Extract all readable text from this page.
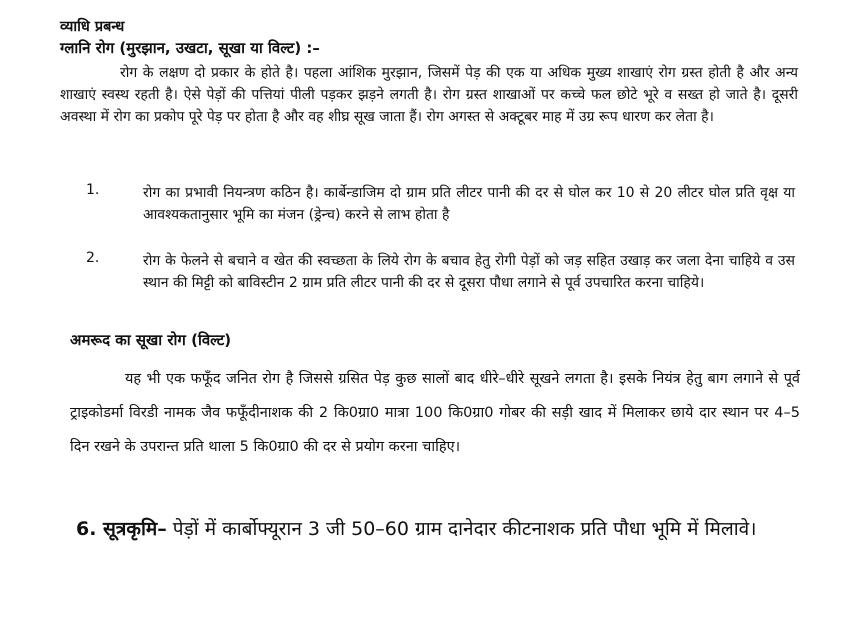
व्याधि प्रबन्ध
ग्लानि रोग (मुरझान, उखटा, सूखा या विल्ट) :–

रोग के लक्षण दो प्रकार के होते है। पहला आंशिक मुरझान, जिसमें पेड़ की एक या अधिक मुख्य शाखाएं रोग ग्रस्त होती है और अन्य शाखाएं स्वस्थ रहती है। ऐसे पेड़ों की पत्तियां पीली पड़कर झड़ने लगती है। रोग ग्रस्त शाखाओं पर कच्चे फल छोटे भूरे व सख्त हो जाते है। दूसरी अवस्था में रोग का प्रकोप पूरे पेड़ पर होता है और वह शीघ्र सूख जाता हैं। रोग अगस्त से अक्टूबर माह में उग्र रूप धारण कर लेता है।

1.	रोग का प्रभावी नियन्त्रण कठिन है। कार्बेन्डाजिम दो ग्राम प्रति लीटर पानी की दर से घोल कर 10 से 20 लीटर घोल प्रति वृक्ष या आवश्यकतानुसार भूमि का मंजन (ड्रेन्च) करने से लाभ होता है

2.	रोग के फेलने से बचाने व खेत की स्वच्छता के लिये रोग के बचाव हेतु रोगी पेड़ों को जड़ सहित उखाड़ कर जला देना चाहिये व उस स्थान की मिट्टी को बाविस्टीन 2 ग्राम प्रति लीटर पानी की दर से दूसरा पौधा लगाने से पूर्व उपचारित करना चाहिये।

अमरूद का सूखा रोग (विल्ट)

यह भी एक फफूँद जनित रोग है जिससे ग्रसित पेड़ कुछ सालों बाद धीरे–धीरे सूखने लगता है। इसके नियंत्र हेतु बाग लगाने से पूर्व ट्राइकोडर्मा विरडी नामक जैव फफूँदीनाशक की 2 कि0ग्रा0 मात्रा 100 कि0ग्रा0 गोबर की सड़ी खाद में मिलाकर छाये दार स्थान पर 4–5 दिन रखने के उपरान्त प्रति थाला 5 कि0ग्रा0 की दर से प्रयोग करना चाहिए।

6. सूत्रकृमि– पेड़ों में कार्बोफ्यूरान 3 जी 50–60 ग्राम दानेदार कीटनाशक प्रति पौधा भूमि में मिलावे।
